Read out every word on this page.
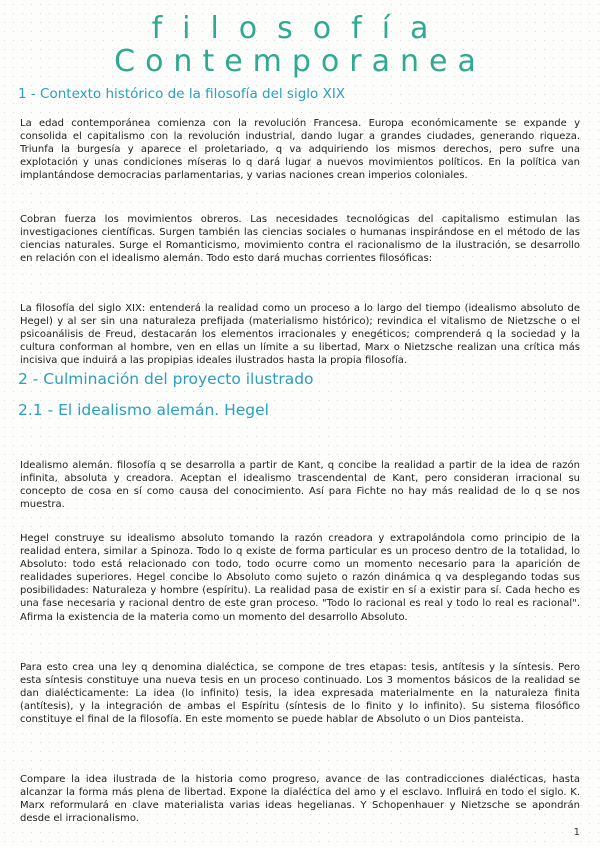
filosofía
Contemporanea
1 - Contexto histórico de la filosofía del siglo XIX

La edad contemporánea comienza con la revolución Francesa. Europa económicamente se expande y consolida el capitalismo con la revolución industrial, dando lugar a grandes ciudades, generando riqueza. Triunfa la burgesía y aparece el proletariado, q va adquiriendo los mismos derechos, pero sufre una explotación y unas condiciones míseras lo q dará lugar a nuevos movimientos políticos. En la política van implantándose democracias parlamentarias, y varias naciones crean imperios coloniales.

Cobran fuerza los movimientos obreros. Las necesidades tecnológicas del capitalismo estimulan las investigaciones científicas. Surgen también las ciencias sociales o humanas inspirándose en el método de las ciencias naturales. Surge el Romanticismo, movimiento contra el racionalismo de la ilustración, se desarrollo en relación con el idealismo alemán. Todo esto dará muchas corrientes filosóficas:

La filosofía del siglo XIX: entenderá la realidad como un proceso a lo largo del tiempo (idealismo absoluto de Hegel) y al ser sin una naturaleza prefijada (materialismo histórico); revindica el vitalismo de Nietzsche o el psicoanálisis de Freud, destacarán los elementos irracionales y enegéticos; comprenderá q la sociedad y la cultura conforman al hombre, ven en ellas un límite a su libertad, Marx o Nietzsche realizan una crítica más incisiva que induirá a las propipias ideales ilustrados hasta la propia filosofía.

2 - Culminación del proyecto ilustrado
2.1 - El idealismo alemán. Hegel

Idealismo alemán. filosofía q se desarrolla a partir de Kant, q concibe la realidad a partir de la idea de razón infinita, absoluta y creadora. Aceptan el idealismo trascendental de Kant, pero consideran irracional su concepto de cosa en sí como causa del conocimiento. Así para Fichte no hay más realidad de lo q se nos muestra.

Hegel construye su idealismo absoluto tomando la razón creadora y extrapolándola como principio de la realidad entera, similar a Spinoza. Todo lo q existe de forma particular es un proceso dentro de la totalidad, lo Absoluto: todo está relacionado con todo, todo ocurre como un momento necesario para la aparición de realidades superiores. Hegel concibe lo Absoluto como sujeto o razón dinámica q va desplegando todas sus posibilidades: Naturaleza y hombre (espíritu). La realidad pasa de existir en sí a existir para sí. Cada hecho es una fase necesaria y racional dentro de este gran proceso. "Todo lo racional es real y todo lo real es racional". Afirma la existencia de la materia como un momento del desarrollo Absoluto.

Para esto crea una ley q denomina dialéctica, se compone de tres etapas: tesis, antítesis y la síntesis. Pero esta síntesis constituye una nueva tesis en un proceso continuado. Los 3 momentos básicos de la realidad se dan dialécticamente: La idea (lo infinito) tesis, la idea expresada materialmente en la naturaleza finita (antítesis), y la integración de ambas el Espíritu (síntesis de lo finito y lo infinito). Su sistema filosófico constituye el final de la filosofía. En este momento se puede hablar de Absoluto o un Dios panteista.

Compare la idea ilustrada de la historia como progreso, avance de las contradicciones dialécticas, hasta alcanzar la forma más plena de libertad. Expone la dialéctica del amo y el esclavo. Influirá en todo el siglo. K. Marx reformulará en clave materialista varias ideas hegelianas. Y Schopenhauer y Nietzsche se apondrán desde el irracionalismo.

1
